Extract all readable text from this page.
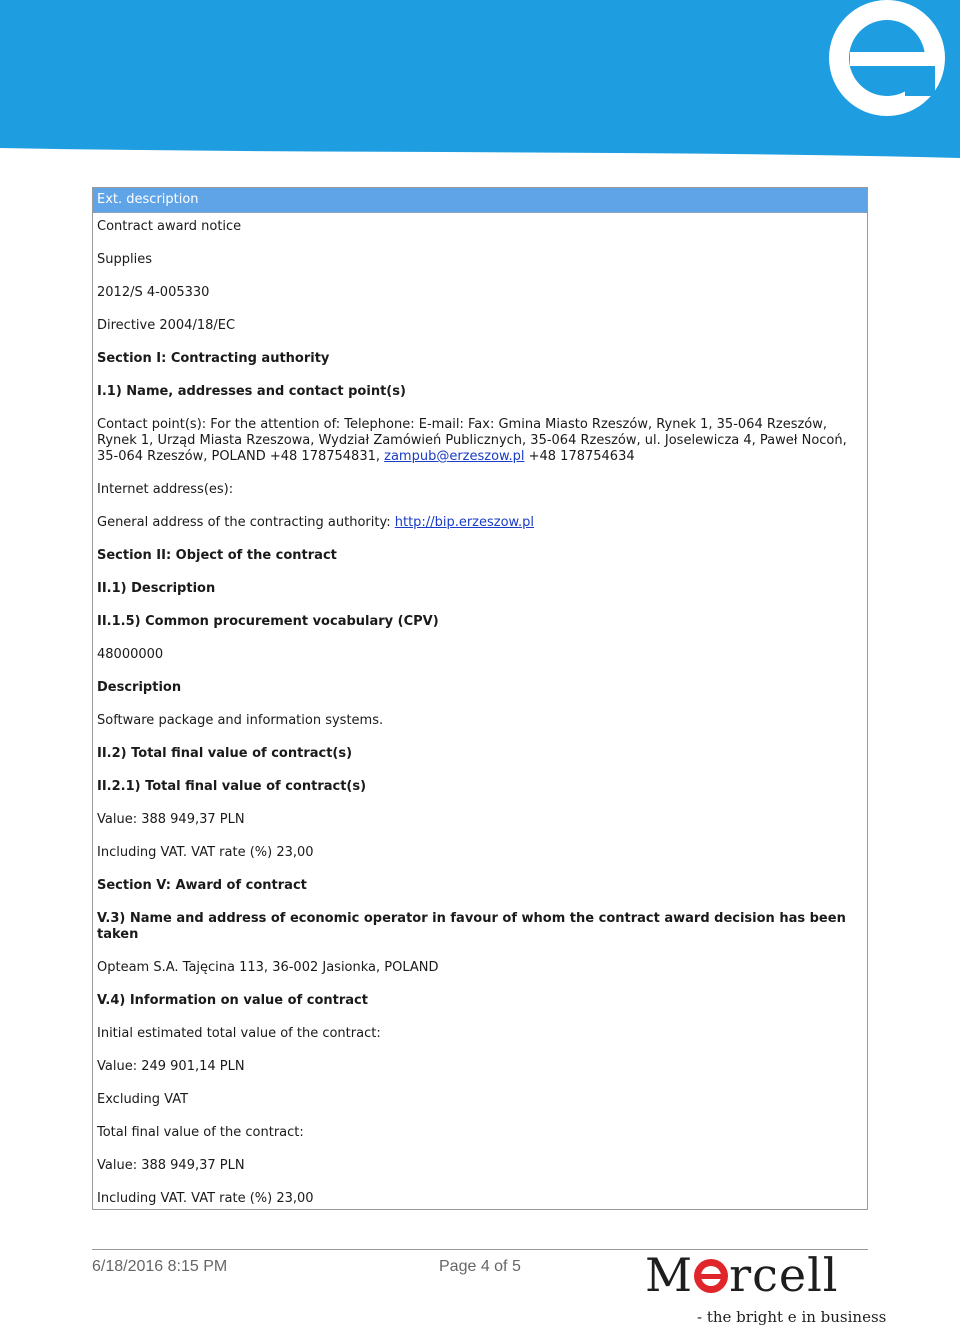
Ext. description
Contract award notice
Supplies
2012/S 4-005330
Directive 2004/18/EC
Section I: Contracting authority
I.1) Name, addresses and contact point(s)
Contact point(s): For the attention of: Telephone: E-mail: Fax: Gmina Miasto Rzeszów, Rynek 1, 35-064 Rzeszów, Rynek 1, Urząd Miasta Rzeszowa, Wydział Zamówień Publicznych, 35-064 Rzeszów, ul. Joselewicza 4, Paweł Nocoń, 35-064 Rzeszów, POLAND +48 178754831, zampub@erzeszow.pl +48 178754634
Internet address(es):
General address of the contracting authority: http://bip.erzeszow.pl
Section II: Object of the contract
II.1) Description
II.1.5) Common procurement vocabulary (CPV)
48000000
Description
Software package and information systems.
II.2) Total final value of contract(s)
II.2.1) Total final value of contract(s)
Value: 388 949,37 PLN
Including VAT. VAT rate (%) 23,00
Section V: Award of contract
V.3) Name and address of economic operator in favour of whom the contract award decision has been taken
Opteam S.A. Tajęcina 113, 36-002 Jasionka, POLAND
V.4) Information on value of contract
Initial estimated total value of the contract:
Value: 249 901,14 PLN
Excluding VAT
Total final value of the contract:
Value: 388 949,37 PLN
Including VAT. VAT rate (%) 23,00
6/18/2016 8:15 PM	Page 4 of 5	M rcell
- the bright e in business
